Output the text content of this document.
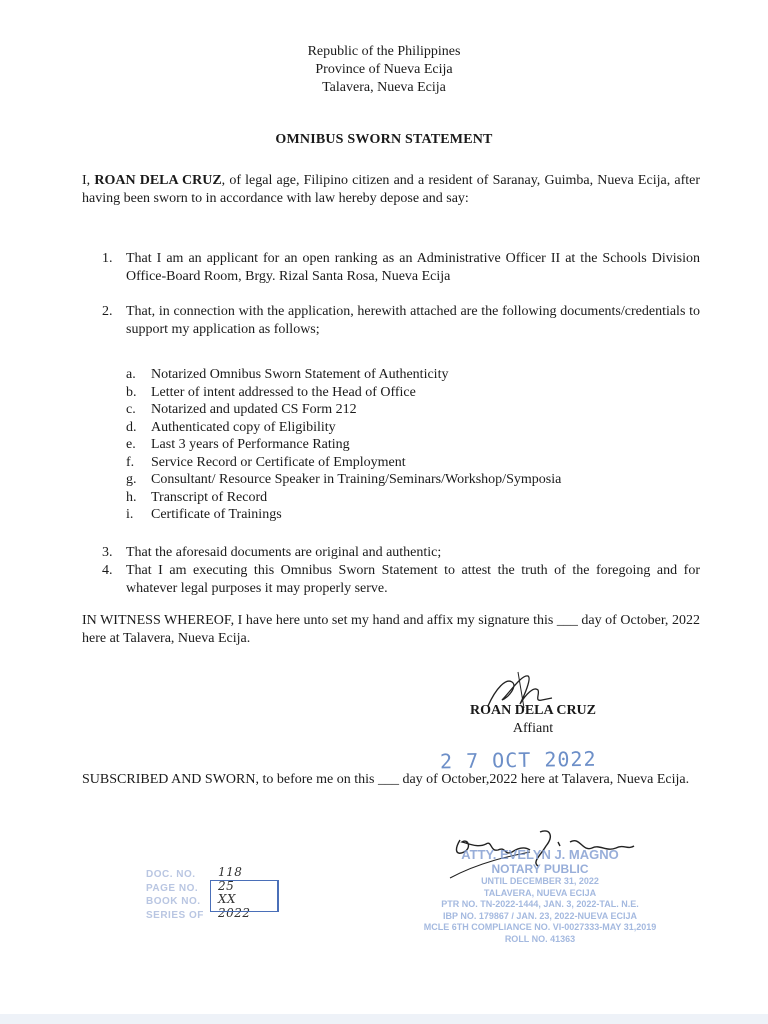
Republic of the Philippines
Province of Nueva Ecija
Talavera, Nueva Ecija
OMNIBUS SWORN STATEMENT
I, ROAN DELA CRUZ, of legal age, Filipino citizen and a resident of Saranay, Guimba, Nueva Ecija, after having been sworn to in accordance with law hereby depose and say:
1. That I am an applicant for an open ranking as an Administrative Officer II at the Schools Division Office-Board Room, Brgy. Rizal Santa Rosa, Nueva Ecija
2. That, in connection with the application, herewith attached are the following documents/credentials to support my application as follows;
a. Notarized Omnibus Sworn Statement of Authenticity
b. Letter of intent addressed to the Head of Office
c. Notarized and updated CS Form 212
d. Authenticated copy of Eligibility
e. Last 3 years of Performance Rating
f. Service Record or Certificate of Employment
g. Consultant/ Resource Speaker in Training/Seminars/Workshop/Symposia
h. Transcript of Record
i. Certificate of Trainings
3. That the aforesaid documents are original and authentic;
4. That I am executing this Omnibus Sworn Statement to attest the truth of the foregoing and for whatever legal purposes it may properly serve.
IN WITNESS WHEREOF, I have here unto set my hand and affix my signature this ___ day of October, 2022 here at Talavera, Nueva Ecija.
ROAN DELA CRUZ
Affiant
2 7 OCT 2022
SUBSCRIBED AND SWORN, to before me on this ___ day of October,2022 here at Talavera, Nueva Ecija.
ATTY. EVELYN J. MAGNO
NOTARY PUBLIC
UNTIL DECEMBER 31, 2022
TALAVERA, NUEVA ECIJA
PTR NO. TN-2022-1444, JAN. 3, 2022-TAL. N.E.
IBP NO. 179867 / JAN. 23, 2022-NUEVA ECIJA
MCLE 6TH COMPLIANCE NO. VI-0027333-MAY 31,2019
ROLL NO. 41363
DOC. NO. 118
PAGE NO. 25
BOOK NO. XX
SERIES OF 2022
